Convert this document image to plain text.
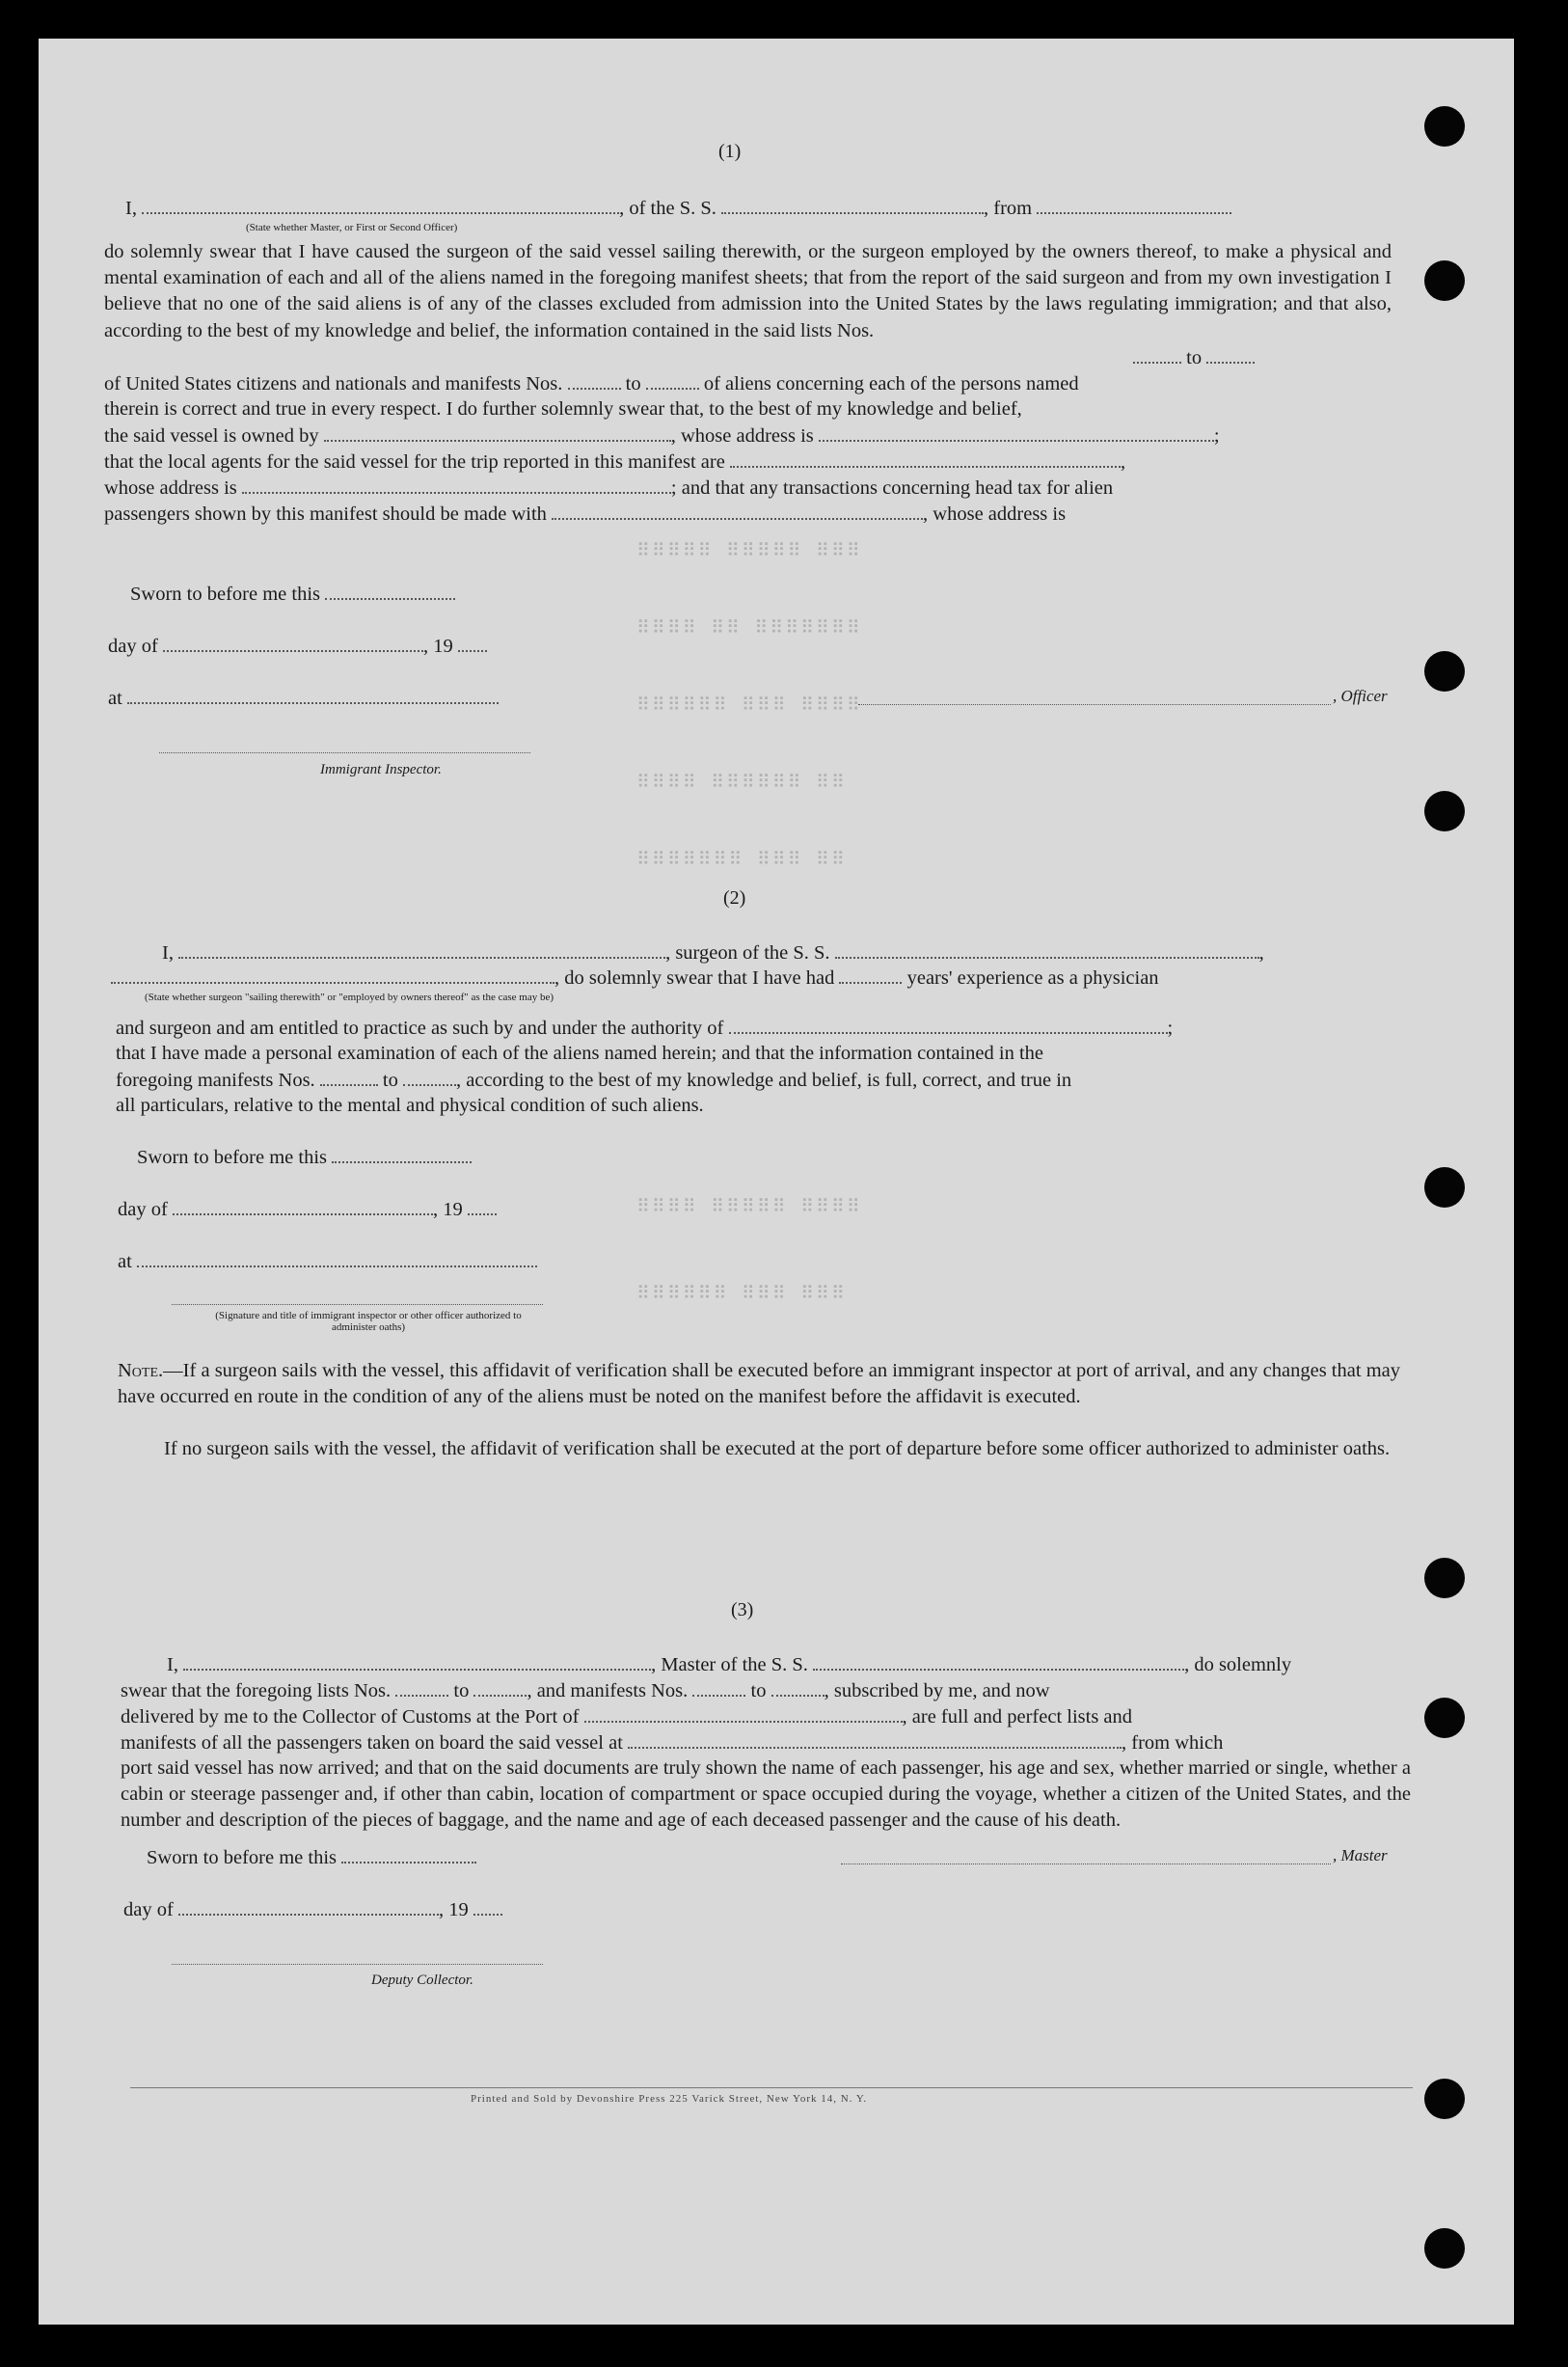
⠿⠿⠿⠿⠿ ⠿⠿⠿⠿⠿ ⠿⠿⠿
⠿⠿⠿⠿ ⠿⠿ ⠿⠿⠿⠿⠿⠿⠿
⠿⠿⠿⠿⠿⠿ ⠿⠿⠿ ⠿⠿⠿⠿
⠿⠿⠿⠿ ⠿⠿⠿⠿⠿⠿ ⠿⠿
⠿⠿⠿⠿⠿⠿⠿ ⠿⠿⠿ ⠿⠿
⠿⠿⠿⠿ ⠿⠿⠿⠿⠿ ⠿⠿⠿⠿
⠿⠿⠿⠿⠿⠿ ⠿⠿⠿ ⠿⠿⠿
(1)
I,	, of the S. S.	, from
(State whether Master, or First or Second Officer)
do solemnly swear that I have caused the surgeon of the said vessel sailing therewith, or the surgeon employed by the owners thereof, to make a physical and mental examination of each and all of the aliens named in the foregoing manifest sheets; that from the report of the said surgeon and from my own investigation I believe that no one of the said aliens is of any of the classes excluded from admission into the United States by the laws regulating immigration; and that also, according to the best of my knowledge and belief, the information contained in the said lists Nos.
to
of United States citizens and nationals and manifests Nos.	to	of aliens concerning each of the persons named
therein is correct and true in every respect. I do further solemnly swear that, to the best of my knowledge and belief,
the said vessel is owned by	, whose address is	;
that the local agents for the said vessel for the trip reported in this manifest are	,
whose address is	; and that any transactions concerning head tax for alien
passengers shown by this manifest should be made with	, whose address is
Sworn to before me this
day of	, 19
at	, Officer
Immigrant Inspector.
(2)
I,	, surgeon of the S. S.	,
, do solemnly swear that I have had	years' experience as a physician
(State whether surgeon "sailing therewith" or "employed by owners thereof" as the case may be)
and surgeon and am entitled to practice as such by and under the authority of	;
that I have made a personal examination of each of the aliens named herein; and that the information contained in the
foregoing manifests Nos.	to	, according to the best of my knowledge and belief, is full, correct, and true in
all particulars, relative to the mental and physical condition of such aliens.
Sworn to before me this
day of	, 19
at
(Signature and title of immigrant inspector or other officer authorized to administer oaths)
Note.—If a surgeon sails with the vessel, this affidavit of verification shall be executed before an immigrant inspector at port of arrival, and any changes that may have occurred en route in the condition of any of the aliens must be noted on the manifest before the affidavit is executed.
If no surgeon sails with the vessel, the affidavit of verification shall be executed at the port of departure before some officer authorized to administer oaths.
(3)
I,	, Master of the S. S.	, do solemnly
swear that the foregoing lists Nos.	to	, and manifests Nos.	to	, subscribed by me, and now
delivered by me to the Collector of Customs at the Port of	, are full and perfect lists and
manifests of all the passengers taken on board the said vessel at	, from which
port said vessel has now arrived; and that on the said documents are truly shown the name of each passenger, his age and sex, whether married or single, whether a cabin or steerage passenger and, if other than cabin, location of compartment or space occupied during the voyage, whether a citizen of the United States, and the number and description of the pieces of baggage, and the name and age of each deceased passenger and the cause of his death.
Sworn to before me this	, Master
day of	, 19
Deputy Collector.
Printed and Sold by Devonshire Press 225 Varick Street, New York 14, N. Y.
